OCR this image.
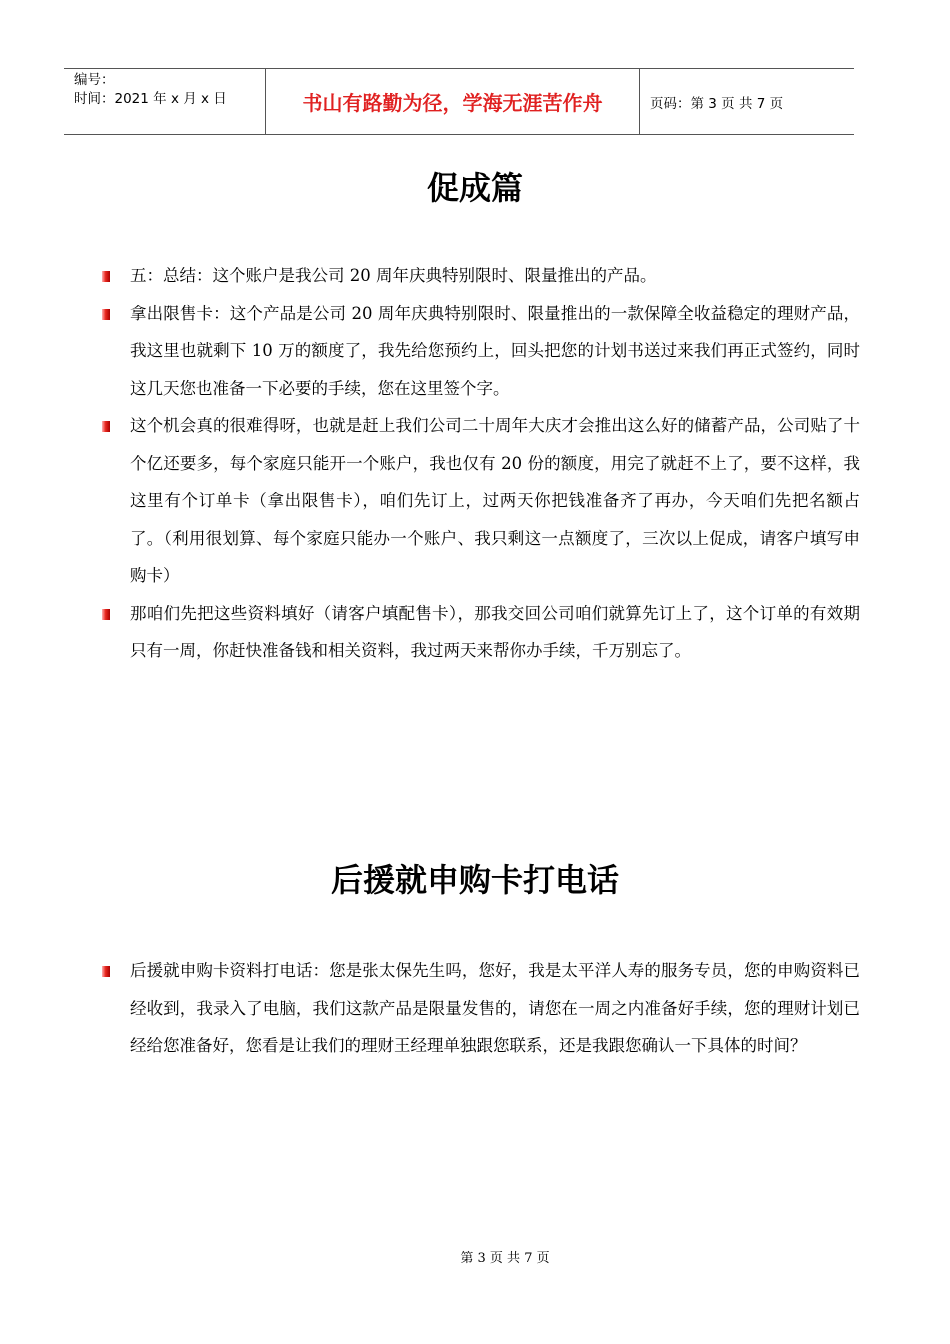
编号：
时间：2021 年 x 月 x 日	书山有路勤为径，学海无涯苦作舟	页码：第 3 页 共 7 页
促成篇
五：总结：这个账户是我公司 20 周年庆典特别限时、限量推出的产品。
拿出限售卡：这个产品是公司 20 周年庆典特别限时、限量推出的一款保障全收益稳定的理财产品，我这里也就剩下 10 万的额度了，我先给您预约上，回头把您的计划书送过来我们再正式签约，同时这几天您也准备一下必要的手续，您在这里签个字。
这个机会真的很难得呀，也就是赶上我们公司二十周年大庆才会推出这么好的储蓄产品，公司贴了十个亿还要多，每个家庭只能开一个账户，我也仅有 20 份的额度，用完了就赶不上了，要不这样，我这里有个订单卡（拿出限售卡），咱们先订上，过两天你把钱准备齐了再办，今天咱们先把名额占了。（利用很划算、每个家庭只能办一个账户、我只剩这一点额度了，三次以上促成，请客户填写申购卡）
那咱们先把这些资料填好（请客户填配售卡），那我交回公司咱们就算先订上了，这个订单的有效期只有一周，你赶快准备钱和相关资料，我过两天来帮你办手续，千万别忘了。
后援就申购卡打电话
后援就申购卡资料打电话：您是张太保先生吗，您好，我是太平洋人寿的服务专员，您的申购资料已经收到，我录入了电脑，我们这款产品是限量发售的，请您在一周之内准备好手续，您的理财计划已经给您准备好，您看是让我们的理财王经理单独跟您联系，还是我跟您确认一下具体的时间？
第 3 页 共 7 页
